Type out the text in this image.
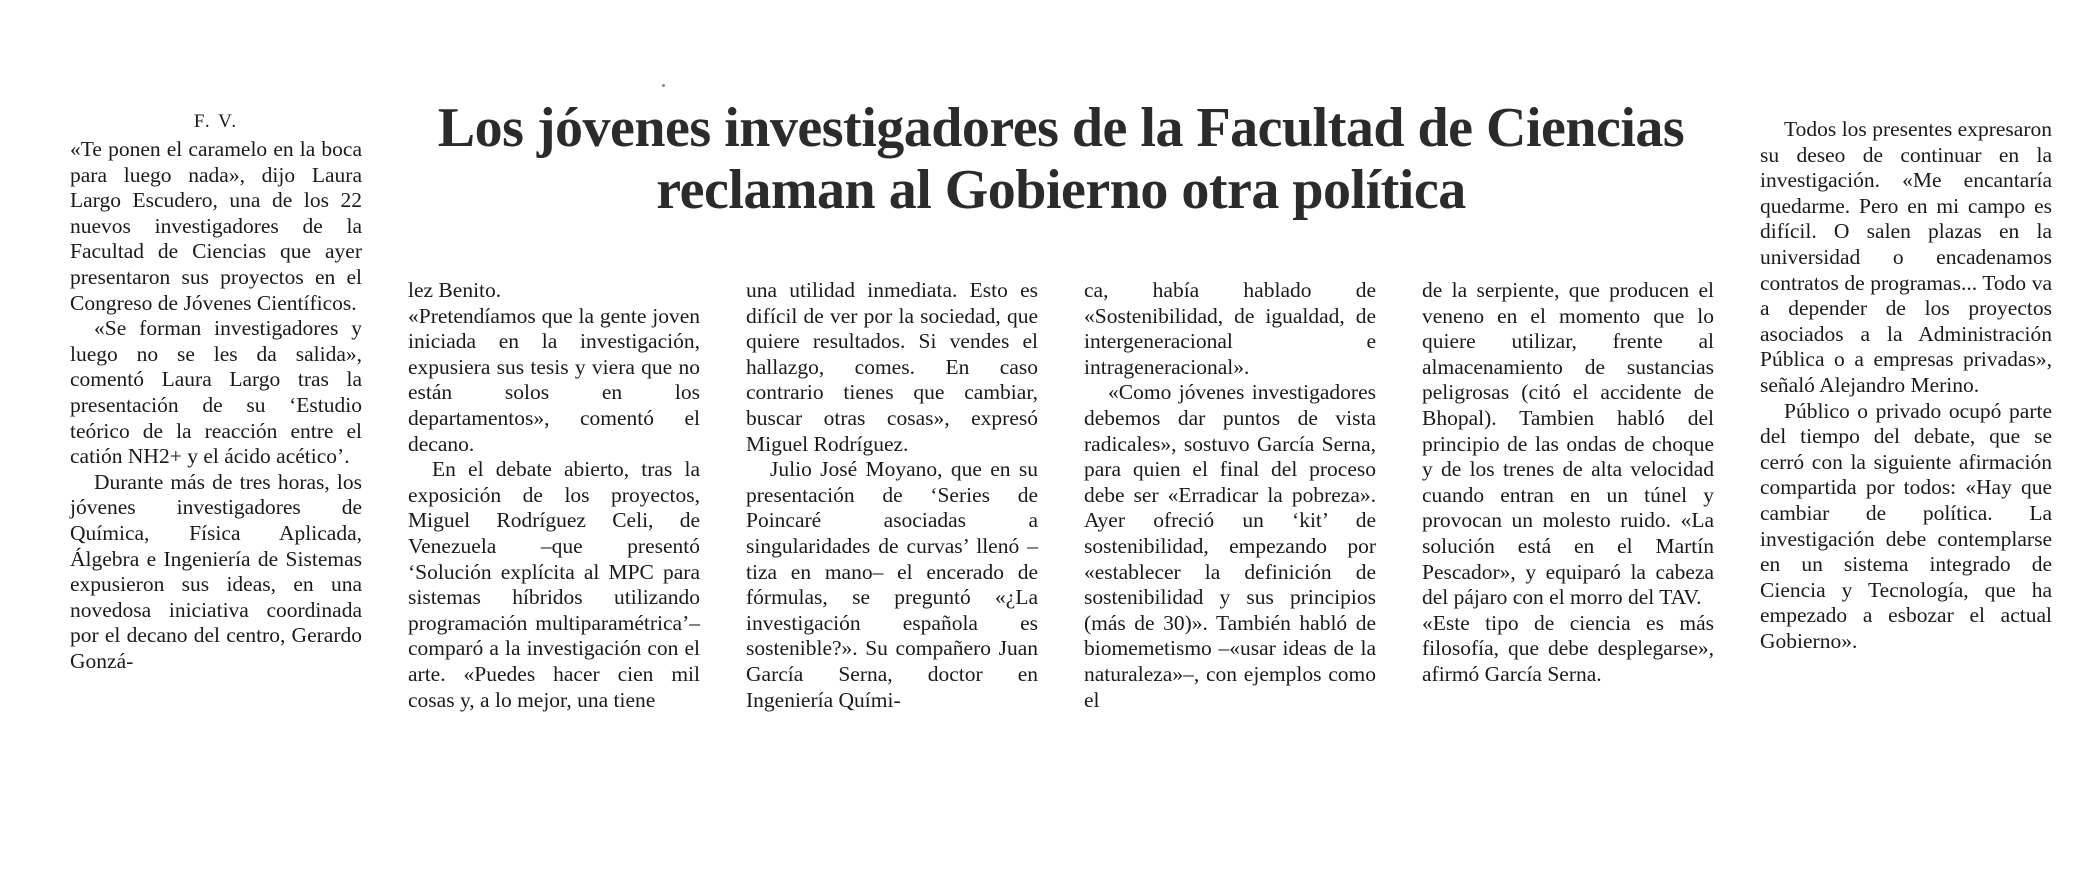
F. V.	Los jóvenes investigadores de la Facultad de Ciencias reclaman al Gobierno otra política

«Te ponen el caramelo en la boca para luego nada», dijo Laura Largo Escudero, una de los 22 nuevos investigadores de la Facultad de Ciencias que ayer presentaron sus proyectos en el Congreso de Jóvenes Científicos.

«Se forman investigadores y luego no se les da salida», comentó Laura Largo tras la presentación de su ‘Estudio teórico de la reacción entre el catión NH2+ y el ácido acético’.

Durante más de tres horas, los jóvenes investigadores de Química, Física Aplicada, Álgebra e Ingeniería de Sistemas expusieron sus ideas, en una novedosa iniciativa coordinada por el decano del centro, Gerardo Gonzá-

lez Benito.

«Pretendíamos que la gente joven iniciada en la investigación, expusiera sus tesis y viera que no están solos en los departamentos», comentó el decano.

En el debate abierto, tras la exposición de los proyectos, Miguel Rodríguez Celi, de Venezuela –que presentó ‘Solución explícita al MPC para sistemas híbridos utilizando programación multiparamétrica’– comparó a la investigación con el arte. «Puedes hacer cien mil cosas y, a lo mejor, una tiene

una utilidad inmediata. Esto es difícil de ver por la sociedad, que quiere resultados. Si vendes el hallazgo, comes. En caso contrario tienes que cambiar, buscar otras cosas», expresó Miguel Rodríguez.

Julio José Moyano, que en su presentación de ‘Series de Poincaré asociadas a singularidades de curvas’ llenó –tiza en mano– el encerado de fórmulas, se preguntó «¿La investigación española es sostenible?». Su compañero Juan García Serna, doctor en Ingeniería Quími-

ca, había hablado de «Sostenibilidad, de igualdad, de intergeneracional e intrageneracional».

«Como jóvenes investigadores debemos dar puntos de vista radicales», sostuvo García Serna, para quien el final del proceso debe ser «Erradicar la pobreza». Ayer ofreció un ‘kit’ de sostenibilidad, empezando por «establecer la definición de sostenibilidad y sus principios (más de 30)». También habló de biomemetismo –«usar ideas de la naturaleza»–, con ejemplos como el

de la serpiente, que producen el veneno en el momento que lo quiere utilizar, frente al almacenamiento de sustancias peligrosas (citó el accidente de Bhopal). Tambien habló del principio de las ondas de choque y de los trenes de alta velocidad cuando entran en un túnel y provocan un molesto ruido. «La solución está en el Martín Pescador», y equiparó la cabeza del pájaro con el morro del TAV.

«Este tipo de ciencia es más filosofía, que debe desplegarse», afirmó García Serna.

Todos los presentes expresaron su deseo de continuar en la investigación. «Me encantaría quedarme. Pero en mi campo es difícil. O salen plazas en la universidad o encadenamos contratos de programas... Todo va a depender de los proyectos asociados a la Administración Pública o a empresas privadas», señaló Alejandro Merino.

Público o privado ocupó parte del tiempo del debate, que se cerró con la siguiente afirmación compartida por todos: «Hay que cambiar de política. La investigación debe contemplarse en un sistema integrado de Ciencia y Tecnología, que ha empezado a esbozar el actual Gobierno».
